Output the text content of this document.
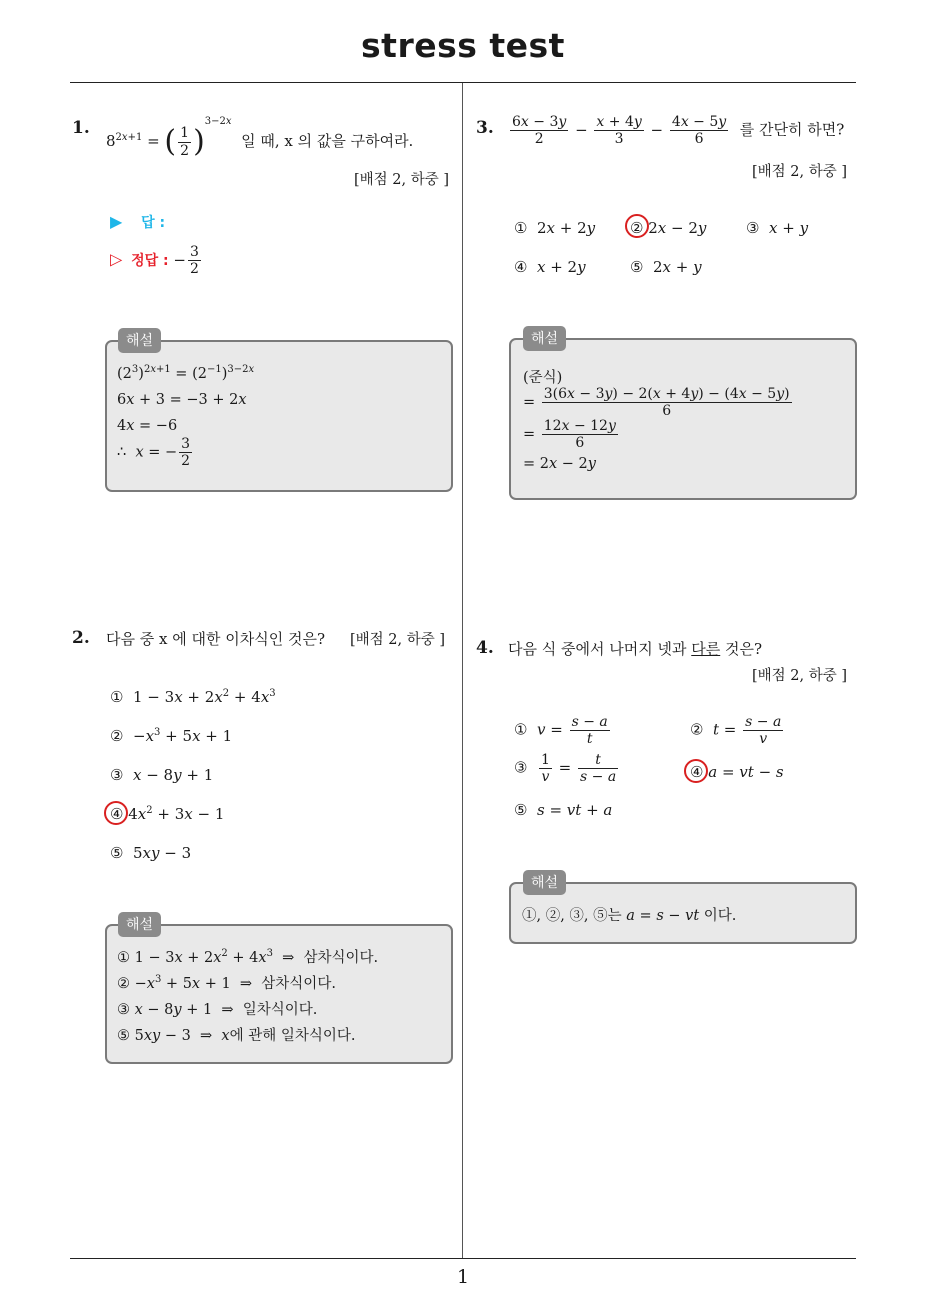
stress test
1
1.
$8^{2x+1}$ = ( $\frac{1}{2} )^{3-2x}$  일 때, x 의 값을 구하여라.
[배점 2, 하중 ]
▶ 답 :
▷ 정답 : − $\frac{3}{2}$
해설
$(2^3)^{2x+1} = (2^{-1})^{3-2x}$
6x + 3 = −3 + 2x
4x = −6
∴  x = − $\frac{3}{2}$
2. 다음 중 x 에 대한 이차식인 것은? [배점 2, 하중 ]
①  $1 - 3x + 2x^2 + 4x^3$
②  $-x^3 + 5x + 1$
③  x − 8y + 1
④ $4x^2 + 3x - 1$
⑤  5xy − 3
해설
① $1 - 3x + 2x^2 + 4x^3$  ⇒  삼차식이다.
② $-x^3 + 5x + 1$  ⇒  삼차식이다.
③ x − 8y + 1  ⇒  일차식이다.
⑤ 5xy − 3  ⇒  x에 관해 일차식이다.
3. $\frac{6x - 3y}{2} - \frac{x + 4y}{3} - \frac{4x - 5y}{6}$ 를 간단히 하면?
[배점 2, 하중 ]
①  2x + 2y ② 2x − 2y	③  x + y
④  x + 2y	⑤  2x + y
해설
(준식)
= $\frac{3(6x - 3y) - 2(x + 4y) - (4x - 5y)}{6}$
= $\frac{12x - 12y}{6}$
= 2x − 2y
4. 다음 식 중에서 나머지 넷과 다른 것은?
[배점 2, 하중 ]
①  $v = \frac{s - a}{t}$	②  $t = \frac{s - a}{v}$
③ $\frac{1}{v} = \frac{t}{s - a}$	④ a = vt − s
⑤  s = vt + a
해설
①, ②, ③, ⑤는 a = s − vt 이다.
